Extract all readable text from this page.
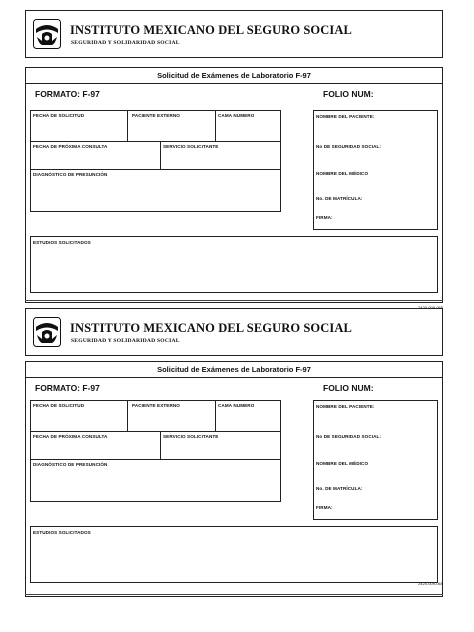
INSTITUTO MEXICANO DEL SEGURO SOCIAL
SEGURIDAD Y SOLIDARIDAD SOCIAL
Solicitud de Exámenes de Laboratorio F-97
FORMATO: F-97	FOLIO NUM:
FECHA DE SOLICITUD	PACIENTE EXTERNO	CAMA NUMERO
FECHA DE PRÓXIMA CONSULTA	SERVICIO SOLICITANTE
DIAGNÓSTICO DE PRESUNCIÓN
NOMBRE DEL PACIENTE:
No DE SEGURIDAD SOCIAL:
NOMBRE DEL MÉDICO
No. DE MATRÍCULA:
FIRMA:
ESTUDIOS SOLICITADOS
2420-009-065
INSTITUTO MEXICANO DEL SEGURO SOCIAL
SEGURIDAD Y SOLIDARIDAD SOCIAL
Solicitud de Exámenes de Laboratorio F-97
FORMATO: F-97	FOLIO NUM:
FECHA DE SOLICITUD	PACIENTE EXTERNO	CAMA NUMERO
FECHA DE PRÓXIMA CONSULTA	SERVICIO SOLICITANTE
DIAGNÓSTICO DE PRESUNCIÓN
NOMBRE DEL PACIENTE:
No DE SEGURIDAD SOCIAL:
NOMBRE DEL MÉDICO
No. DE MATRÍCULA:
FIRMA:
ESTUDIOS SOLICITADOS
2420-009-065
